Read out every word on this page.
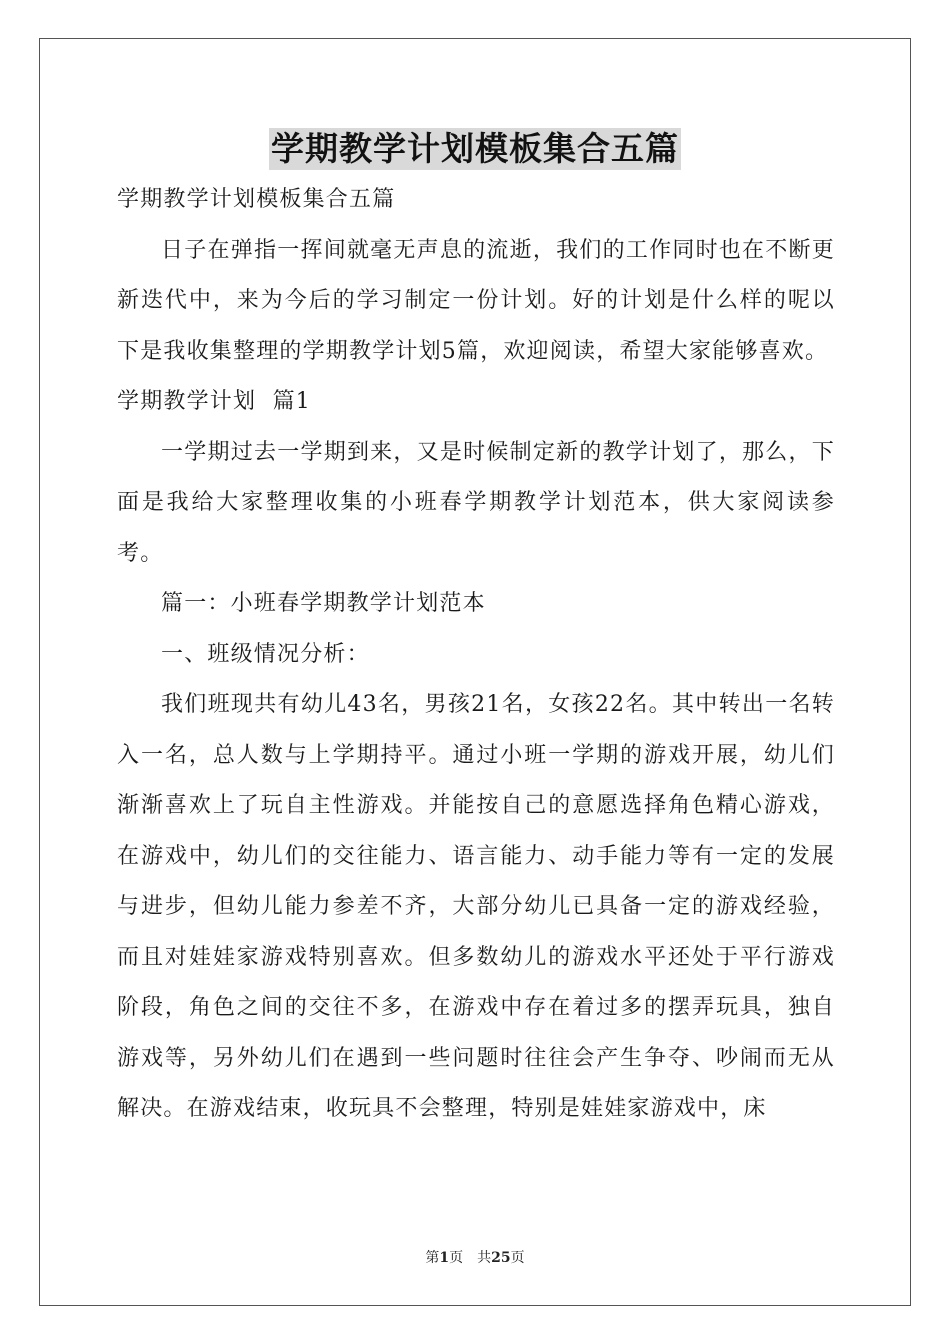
学期教学计划模板集合五篇

学期教学计划模板集合五篇

日子在弹指一挥间就毫无声息的流逝，我们的工作同时也在不断更新迭代中，来为今后的学习制定一份计划。好的计划是什么样的呢以下是我收集整理的学期教学计划5篇，欢迎阅读，希望大家能够喜欢。

学期教学计划  篇1

一学期过去一学期到来，又是时候制定新的教学计划了，那么，下面是我给大家整理收集的小班春学期教学计划范本，供大家阅读参考。

篇一：小班春学期教学计划范本

一、班级情况分析：

我们班现共有幼儿43名，男孩21名，女孩22名。其中转出一名转入一名，总人数与上学期持平。通过小班一学期的游戏开展，幼儿们渐渐喜欢上了玩自主性游戏。并能按自己的意愿选择角色精心游戏，在游戏中，幼儿们的交往能力、语言能力、动手能力等有一定的发展与进步，但幼儿能力参差不齐，大部分幼儿已具备一定的游戏经验，而且对娃娃家游戏特别喜欢。但多数幼儿的游戏水平还处于平行游戏阶段，角色之间的交往不多，在游戏中存在着过多的摆弄玩具，独自游戏等，另外幼儿们在遇到一些问题时往往会产生争夺、吵闹而无从解决。在游戏结束，收玩具不会整理，特别是娃娃家游戏中，床

第1页　共25页
